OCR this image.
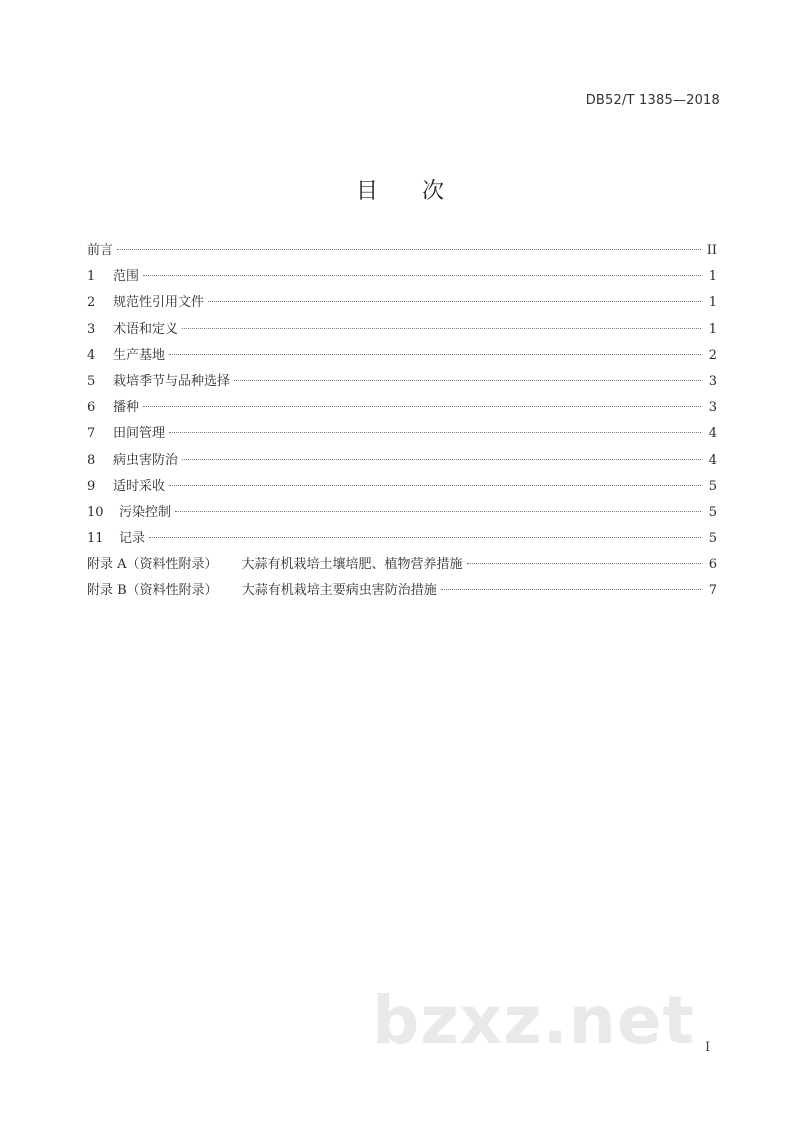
DB52/T 1385—2018
目 次
前言	II
1	范围	1
2	规范性引用文件	1
3	术语和定义	1
4	生产基地	2
5	栽培季节与品种选择	3
6	播种	3
7	田间管理	4
8	病虫害防治	4
9	适时采收	5
10	污染控制	5
11	记录	5
附录 A（资料性附录） 大蒜有机栽培土壤培肥、植物营养措施	6
附录 B（资料性附录） 大蒜有机栽培主要病虫害防治措施	7
bzxz.net I
